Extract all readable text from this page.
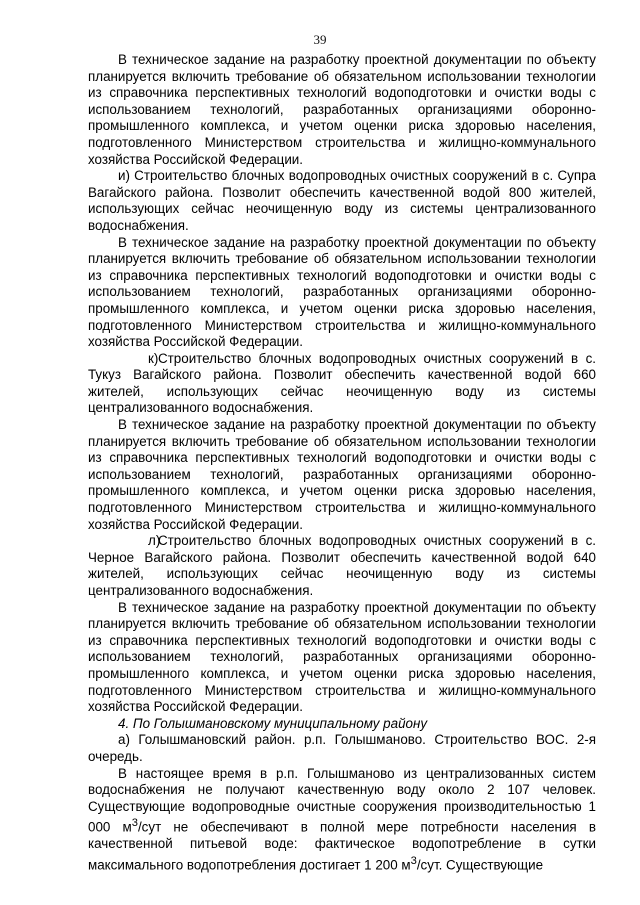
39

В техническое задание на разработку проектной документации по объекту планируется включить требование об обязательном использовании технологии из справочника перспективных технологий водоподготовки и очистки воды с использованием технологий, разработанных организациями оборонно-промышленного комплекса, и учетом оценки риска здоровью населения, подготовленного Министерством строительства и жилищно-коммунального хозяйства Российской Федерации.

и) Строительство блочных водопроводных очистных сооружений в с. Супра Вагайского района. Позволит обеспечить качественной водой 800 жителей, использующих сейчас неочищенную воду из системы централизованного водоснабжения.

В техническое задание на разработку проектной документации по объекту планируется включить требование об обязательном использовании технологии из справочника перспективных технологий водоподготовки и очистки воды с использованием технологий, разработанных организациями оборонно-промышленного комплекса, и учетом оценки риска здоровью населения, подготовленного Министерством строительства и жилищно-коммунального хозяйства Российской Федерации.

к)Строительство блочных водопроводных очистных сооружений в с. Тукуз Вагайского района. Позволит обеспечить качественной водой 660 жителей, использующих сейчас неочищенную воду из системы централизованного водоснабжения.

В техническое задание на разработку проектной документации по объекту планируется включить требование об обязательном использовании технологии из справочника перспективных технологий водоподготовки и очистки воды с использованием технологий, разработанных организациями оборонно-промышленного комплекса, и учетом оценки риска здоровью населения, подготовленного Министерством строительства и жилищно-коммунального хозяйства Российской Федерации.

л)Строительство блочных водопроводных очистных сооружений в с. Черное Вагайского района. Позволит обеспечить качественной водой 640 жителей, использующих сейчас неочищенную воду из системы централизованного водоснабжения.

В техническое задание на разработку проектной документации по объекту планируется включить требование об обязательном использовании технологии из справочника перспективных технологий водоподготовки и очистки воды с использованием технологий, разработанных организациями оборонно-промышленного комплекса, и учетом оценки риска здоровью населения, подготовленного Министерством строительства и жилищно-коммунального хозяйства Российской Федерации.

4. По Голышмановскому муниципальному району

а) Голышмановский район. р.п. Голышманово. Строительство ВОС. 2-я очередь.

В настоящее время в р.п. Голышманово из централизованных систем водоснабжения не получают качественную воду около 2 107 человек. Существующие водопроводные очистные сооружения производительностью 1 000 $м^3$/сут не обеспечивают в полной мере потребности населения в качественной питьевой воде: фактическое водопотребление в сутки максимального водопотребления достигает 1 200 $м^3$/сут. Существующие
